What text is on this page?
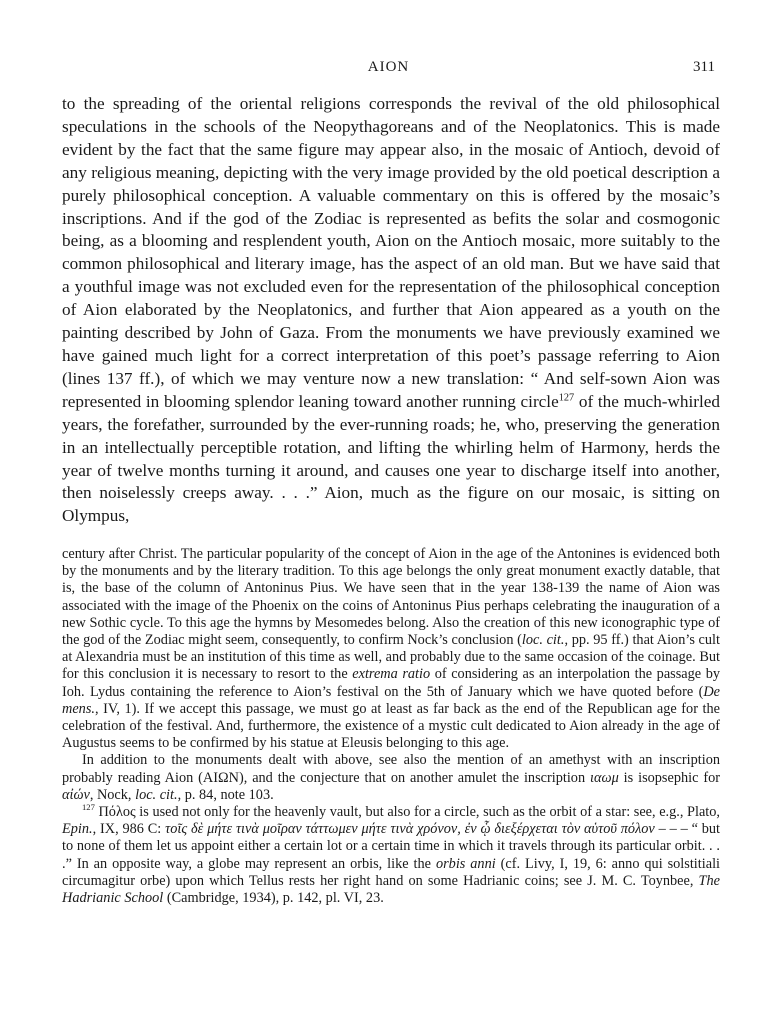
AION	311

to the spreading of the oriental religions corresponds the revival of the old philosophical speculations in the schools of the Neopythagoreans and of the Neoplatonics. This is made evident by the fact that the same figure may appear also, in the mosaic of Antioch, devoid of any religious meaning, depicting with the very image provided by the old poetical description a purely philosophical conception. A valuable commentary on this is offered by the mosaic’s inscriptions. And if the god of the Zodiac is represented as befits the solar and cosmogonic being, as a blooming and resplendent youth, Aion on the Antioch mosaic, more suitably to the common philosophical and literary image, has the aspect of an old man. But we have said that a youthful image was not excluded even for the representation of the philosophical conception of Aion elaborated by the Neoplatonics, and further that Aion appeared as a youth on the painting described by John of Gaza. From the monuments we have previously examined we have gained much light for a correct interpretation of this poet’s passage referring to Aion (lines 137 ff.), of which we may venture now a new translation: “ And self-sown Aion was represented in blooming splendor leaning toward another running circle$^{127}$ of the much-whirled years, the forefather, surrounded by the ever-running roads; he, who, preserving the generation in an intellectually perceptible rotation, and lifting the whirling helm of Harmony, herds the year of twelve months turning it around, and causes one year to discharge itself into another, then noiselessly creeps away. . . .” Aion, much as the figure on our mosaic, is sitting on Olympus,

century after Christ. The particular popularity of the concept of Aion in the age of the Antonines is evidenced both by the monuments and by the literary tradition. To this age belongs the only great monument exactly datable, that is, the base of the column of Antoninus Pius. We have seen that in the year 138-139 the name of Aion was associated with the image of the Phoenix on the coins of Antoninus Pius perhaps celebrating the inauguration of a new Sothic cycle. To this age the hymns by Mesomedes belong. Also the creation of this new iconographic type of the god of the Zodiac might seem, consequently, to confirm Nock’s conclusion (loc. cit., pp. 95 ff.) that Aion’s cult at Alexandria must be an institution of this time as well, and probably due to the same occasion of the coinage. But for this conclusion it is necessary to resort to the extrema ratio of considering as an interpolation the passage by Ioh. Lydus containing the reference to Aion’s festival on the 5th of January which we have quoted before (De mens., IV, 1). If we accept this passage, we must go at least as far back as the end of the Republican age for the celebration of the festival. And, furthermore, the existence of a mystic cult dedicated to Aion already in the age of Augustus seems to be confirmed by his statue at Eleusis belonging to this age.

In addition to the monuments dealt with above, see also the mention of an amethyst with an inscription probably reading Aion (ΑΙΩΝ), and the conjecture that on another amulet the inscription ιαωμ is isopsephic for αἰών, Nock, loc. cit., p. 84, note 103.

$^{127}$ Πόλος is used not only for the heavenly vault, but also for a circle, such as the orbit of a star: see, e.g., Plato, Epin., IX, 986 C: τοῖς δὲ μήτε τινὰ μοῖραν τάττωμεν μήτε τινὰ χρόνον, ἐν ᾧ διεξέρχεται τὸν αὑτοῦ πόλον – – – “ but to none of them let us appoint either a certain lot or a certain time in which it travels through its particular orbit. . . .” In an opposite way, a globe may represent an orbis, like the orbis anni (cf. Livy, I, 19, 6: anno qui solstitiali circumagitur orbe) upon which Tellus rests her right hand on some Hadrianic coins; see J. M. C. Toynbee, The Hadrianic School (Cambridge, 1934), p. 142, pl. VI, 23.
